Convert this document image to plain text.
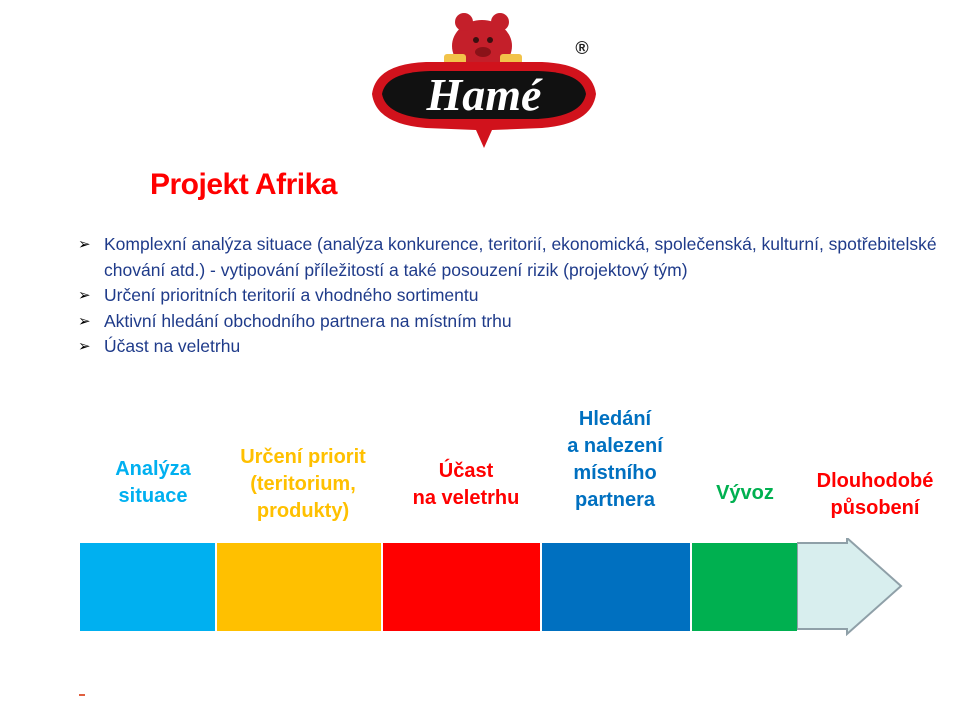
Hamé
®
Projekt Afrika
➢ Komplexní analýza situace (analýza konkurence, teritorií, ekonomická, společenská, kulturní, spotřebitelské chování atd.) - vytipování příležitostí a také posouzení rizik (projektový tým)
➢ Určení prioritních teritorií a vhodného sortimentu
➢ Aktivní hledání obchodního partnera na místním trhu
➢ Účast na veletrhu
Analýza
situace
Určení priorit
(teritorium,
produkty)
Účast
na veletrhu
Hledání
a nalezení
místního
partnera	Vývoz
Dlouhodobé
působení
